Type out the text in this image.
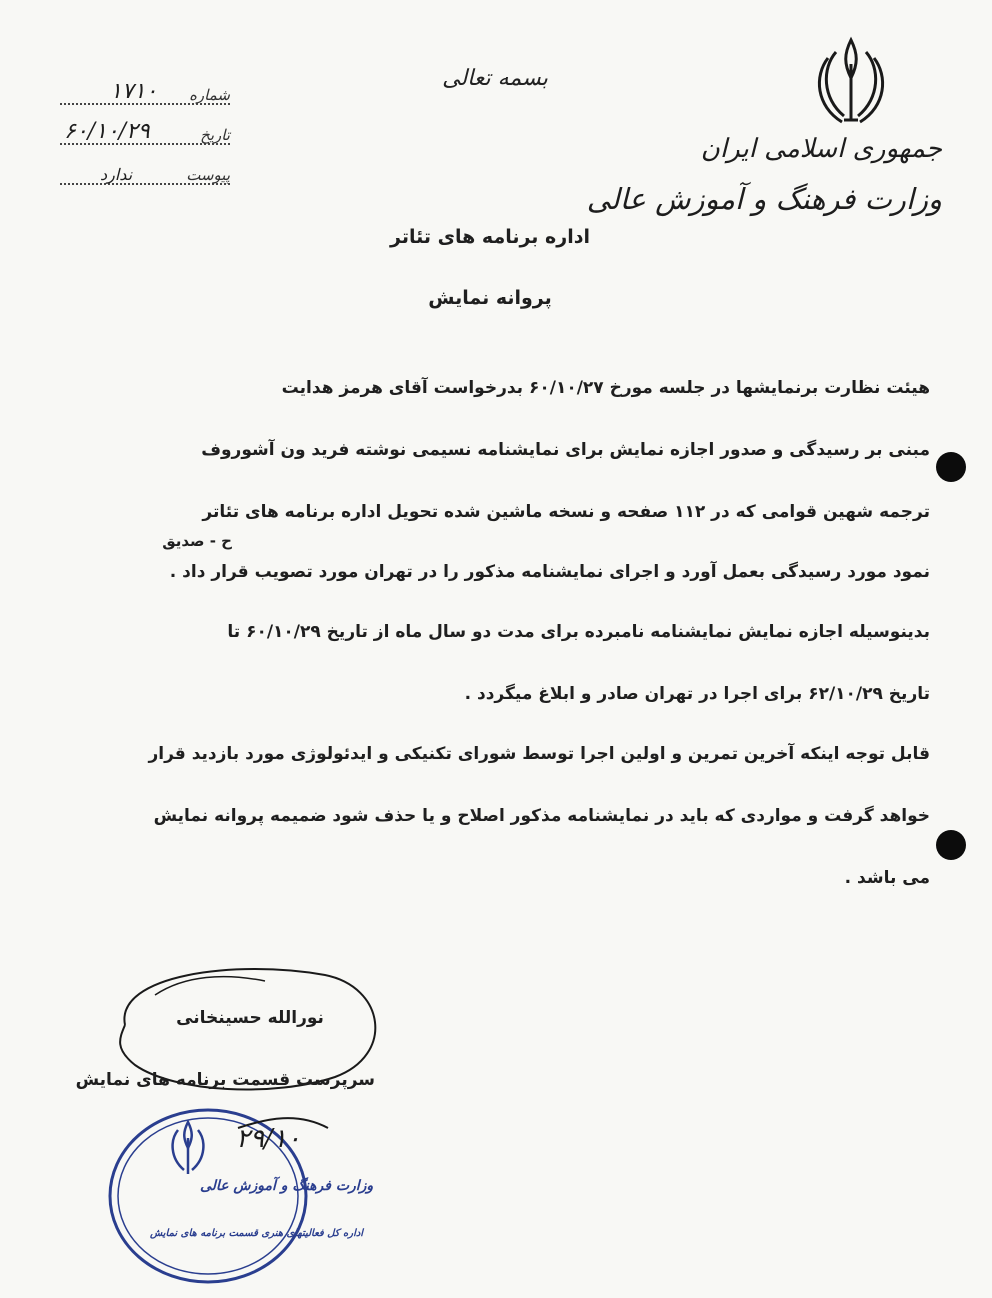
جمهوری اسلامی ایران
وزارت فرهنگ و آموزش عالی
بسمه تعالی
شماره
۱۷۱۰
تاریخ
۶۰/۱۰/۲۹
پیوست
ندارد
اداره برنامه های تئاتر
پروانه نمایش
هیئت نظارت برنمایشها در جلسه مورخ ۶۰/۱۰/۲۷ بدرخواست آقای هرمز هدایت
مبنی بر رسیدگی و صدور اجازه نمایش برای نمایشنامه نسیمی نوشته فرید ون آشوروف
ترجمه شهین قوامی که در ۱۱۲ صفحه و نسخه ماشین شده تحویل اداره برنامه های تئاتر
ح - صدیق
نمود مورد رسیدگی بعمل آورد و اجرای نمایشنامه مذکور را در تهران مورد تصویب قرار داد .
بدینوسیله اجازه نمایش نمایشنامه نامبرده برای مدت دو سال ماه از تاریخ ۶۰/۱۰/۲۹ تا
تاریخ ۶۲/۱۰/۲۹ برای اجرا در تهران صادر و ابلاغ میگردد .
قابل توجه اینکه آخرین تمرین و اولین اجرا توسط شورای تکنیکی و ایدئولوژی مورد بازدید قرار
خواهد گرفت و مواردی که باید در نمایشنامه مذکور اصلاح و یا حذف شود ضمیمه پروانه نمایش
می باشد .
نورالله حسینخانی
سرپرست قسمت برنامه های نمایش
۲۹/۱۰
وزارت فرهنگ و آموزش عالی
اداره کل فعالیتهای هنری قسمت برنامه های نمایش
